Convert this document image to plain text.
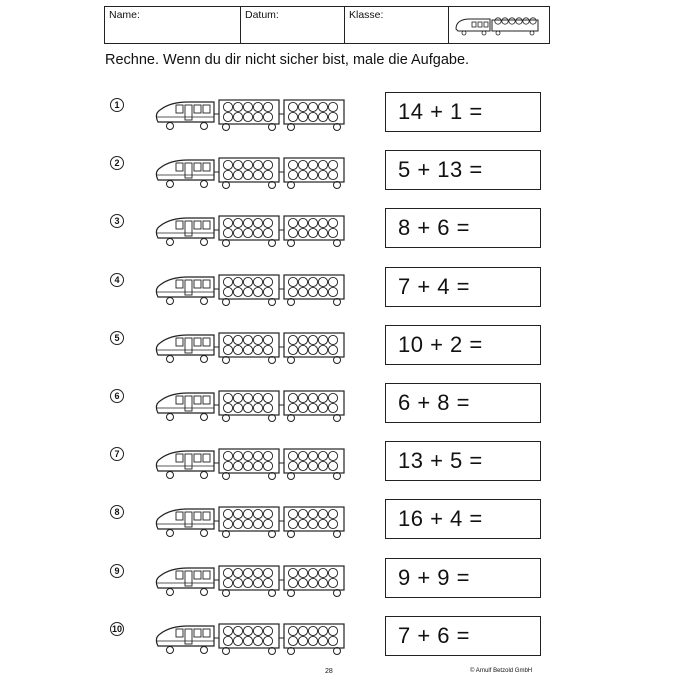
Name:	Datum:	Klasse:
Rechne. Wenn du dir nicht sicher bist, male die Aufgabe.
1	14 + 1 =
2	5 + 13 =
3	8 + 6 =
4	7 + 4 =
5	10 + 2 =
6	6 + 8 =
7	13 + 5 =
8	16 + 4 =
9	9 + 9 =
10	7 + 6 =
28	© Arnulf Betzold GmbH
